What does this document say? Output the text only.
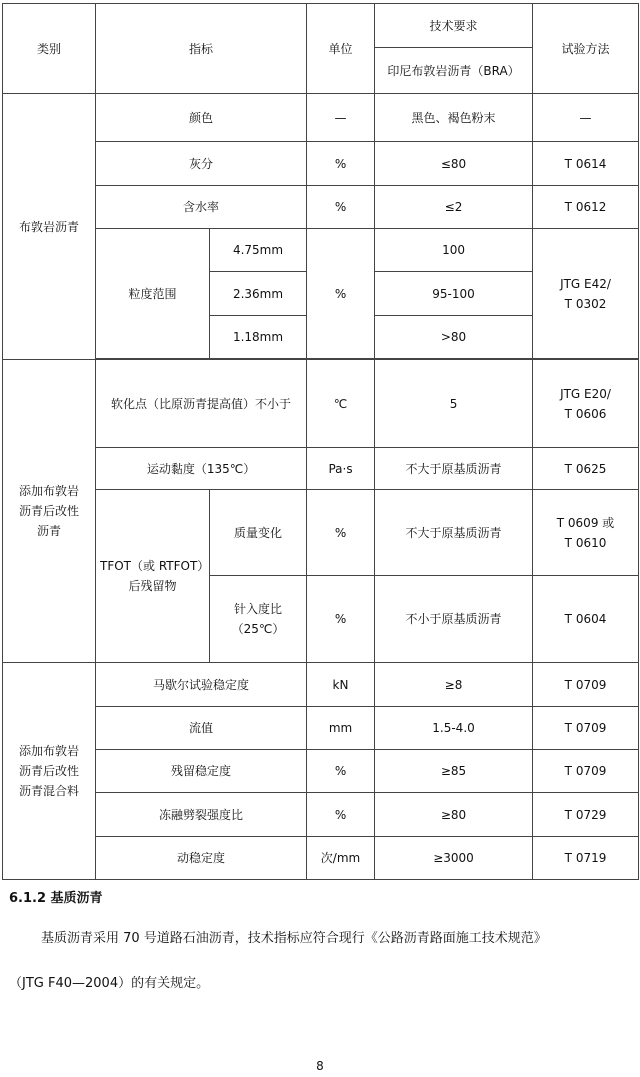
类别	指标		单位	技术要求	试验方法
				印尼布敦岩沥青（BRA）	
布敦岩沥青	颜色		—	黑色、褐色粉末	—
	灰分		%	≤80	T 0614
	含水率		%	≤2	T 0612
	粒度范围	4.75mm	%	100	JTG E42/
T 0302

		2.36mm		95-100	
		1.18mm		>80	

添加布敦岩
沥青后改性
沥青	软化点（比原沥青提高值）不小于		℃	5	JTG E20/
T 0606

	运动黏度（135℃）		Pa·s	不大于原基质沥青	T 0625

	TFOT（或 RTFOT）
后残留物	质量变化	%	不大于原基质沥青	T 0609 或
T 0610

		针入度比
（25℃）	%	不小于原基质沥青	T 0604

添加布敦岩
沥青后改性
沥青混合料	马歇尔试验稳定度		kN	≥8	T 0709
	流值		mm	1.5-4.0	T 0709
	残留稳定度		%	≥85	T 0709
	冻融劈裂强度比		%	≥80	T 0729
	动稳定度		次/mm	≥3000	T 0719
6.1.2 基质沥青
基质沥青采用 70 号道路石油沥青，技术指标应符合现行《公路沥青路面施工技术规范》
（JTG F40—2004）的有关规定。
8
